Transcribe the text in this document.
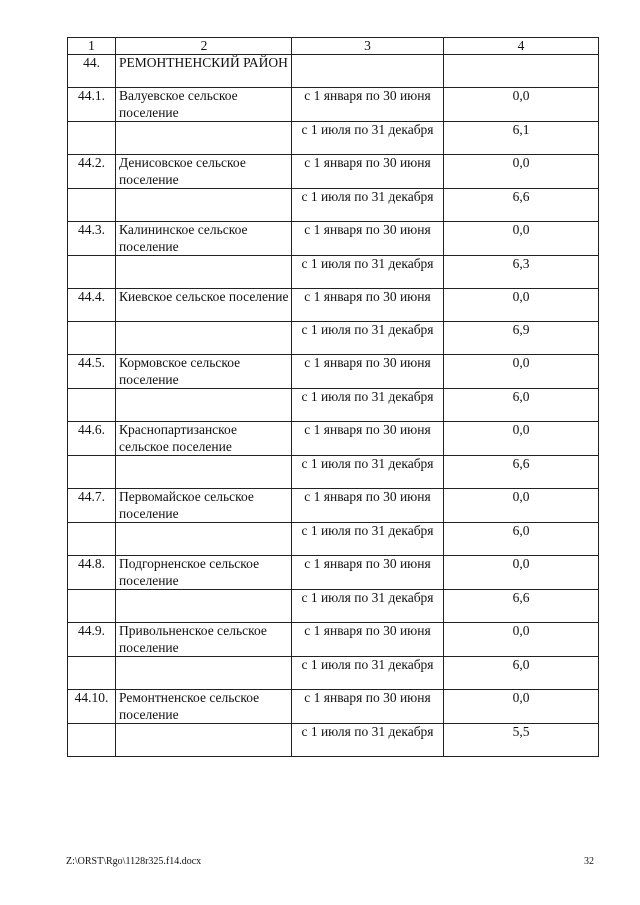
1	2	3	4
44.	РЕМОНТНЕНСКИЙ РАЙОН		
44.1.	Валуевское сельское поселение	с 1 января по 30 июня	0,0
		с 1 июля по 31 декабря	6,1
44.2.	Денисовское сельское поселение	с 1 января по 30 июня	0,0
		с 1 июля по 31 декабря	6,6
44.3.	Калининское сельское поселение	с 1 января по 30 июня	0,0
		с 1 июля по 31 декабря	6,3
44.4.	Киевское сельское поселение	с 1 января по 30 июня	0,0
		с 1 июля по 31 декабря	6,9
44.5.	Кормовское сельское поселение	с 1 января по 30 июня	0,0
		с 1 июля по 31 декабря	6,0
44.6.	Краснопартизанское сельское поселение	с 1 января по 30 июня	0,0
		с 1 июля по 31 декабря	6,6
44.7.	Первомайское сельское поселение	с 1 января по 30 июня	0,0
		с 1 июля по 31 декабря	6,0
44.8.	Подгорненское сельское поселение	с 1 января по 30 июня	0,0
		с 1 июля по 31 декабря	6,6
44.9.	Привольненское сельское поселение	с 1 января по 30 июня	0,0
		с 1 июля по 31 декабря	6,0
44.10.	Ремонтненское сельское поселение	с 1 января по 30 июня	0,0
		с 1 июля по 31 декабря	5,5
Z:\ORST\Rgo\1128r325.f14.docx	32
